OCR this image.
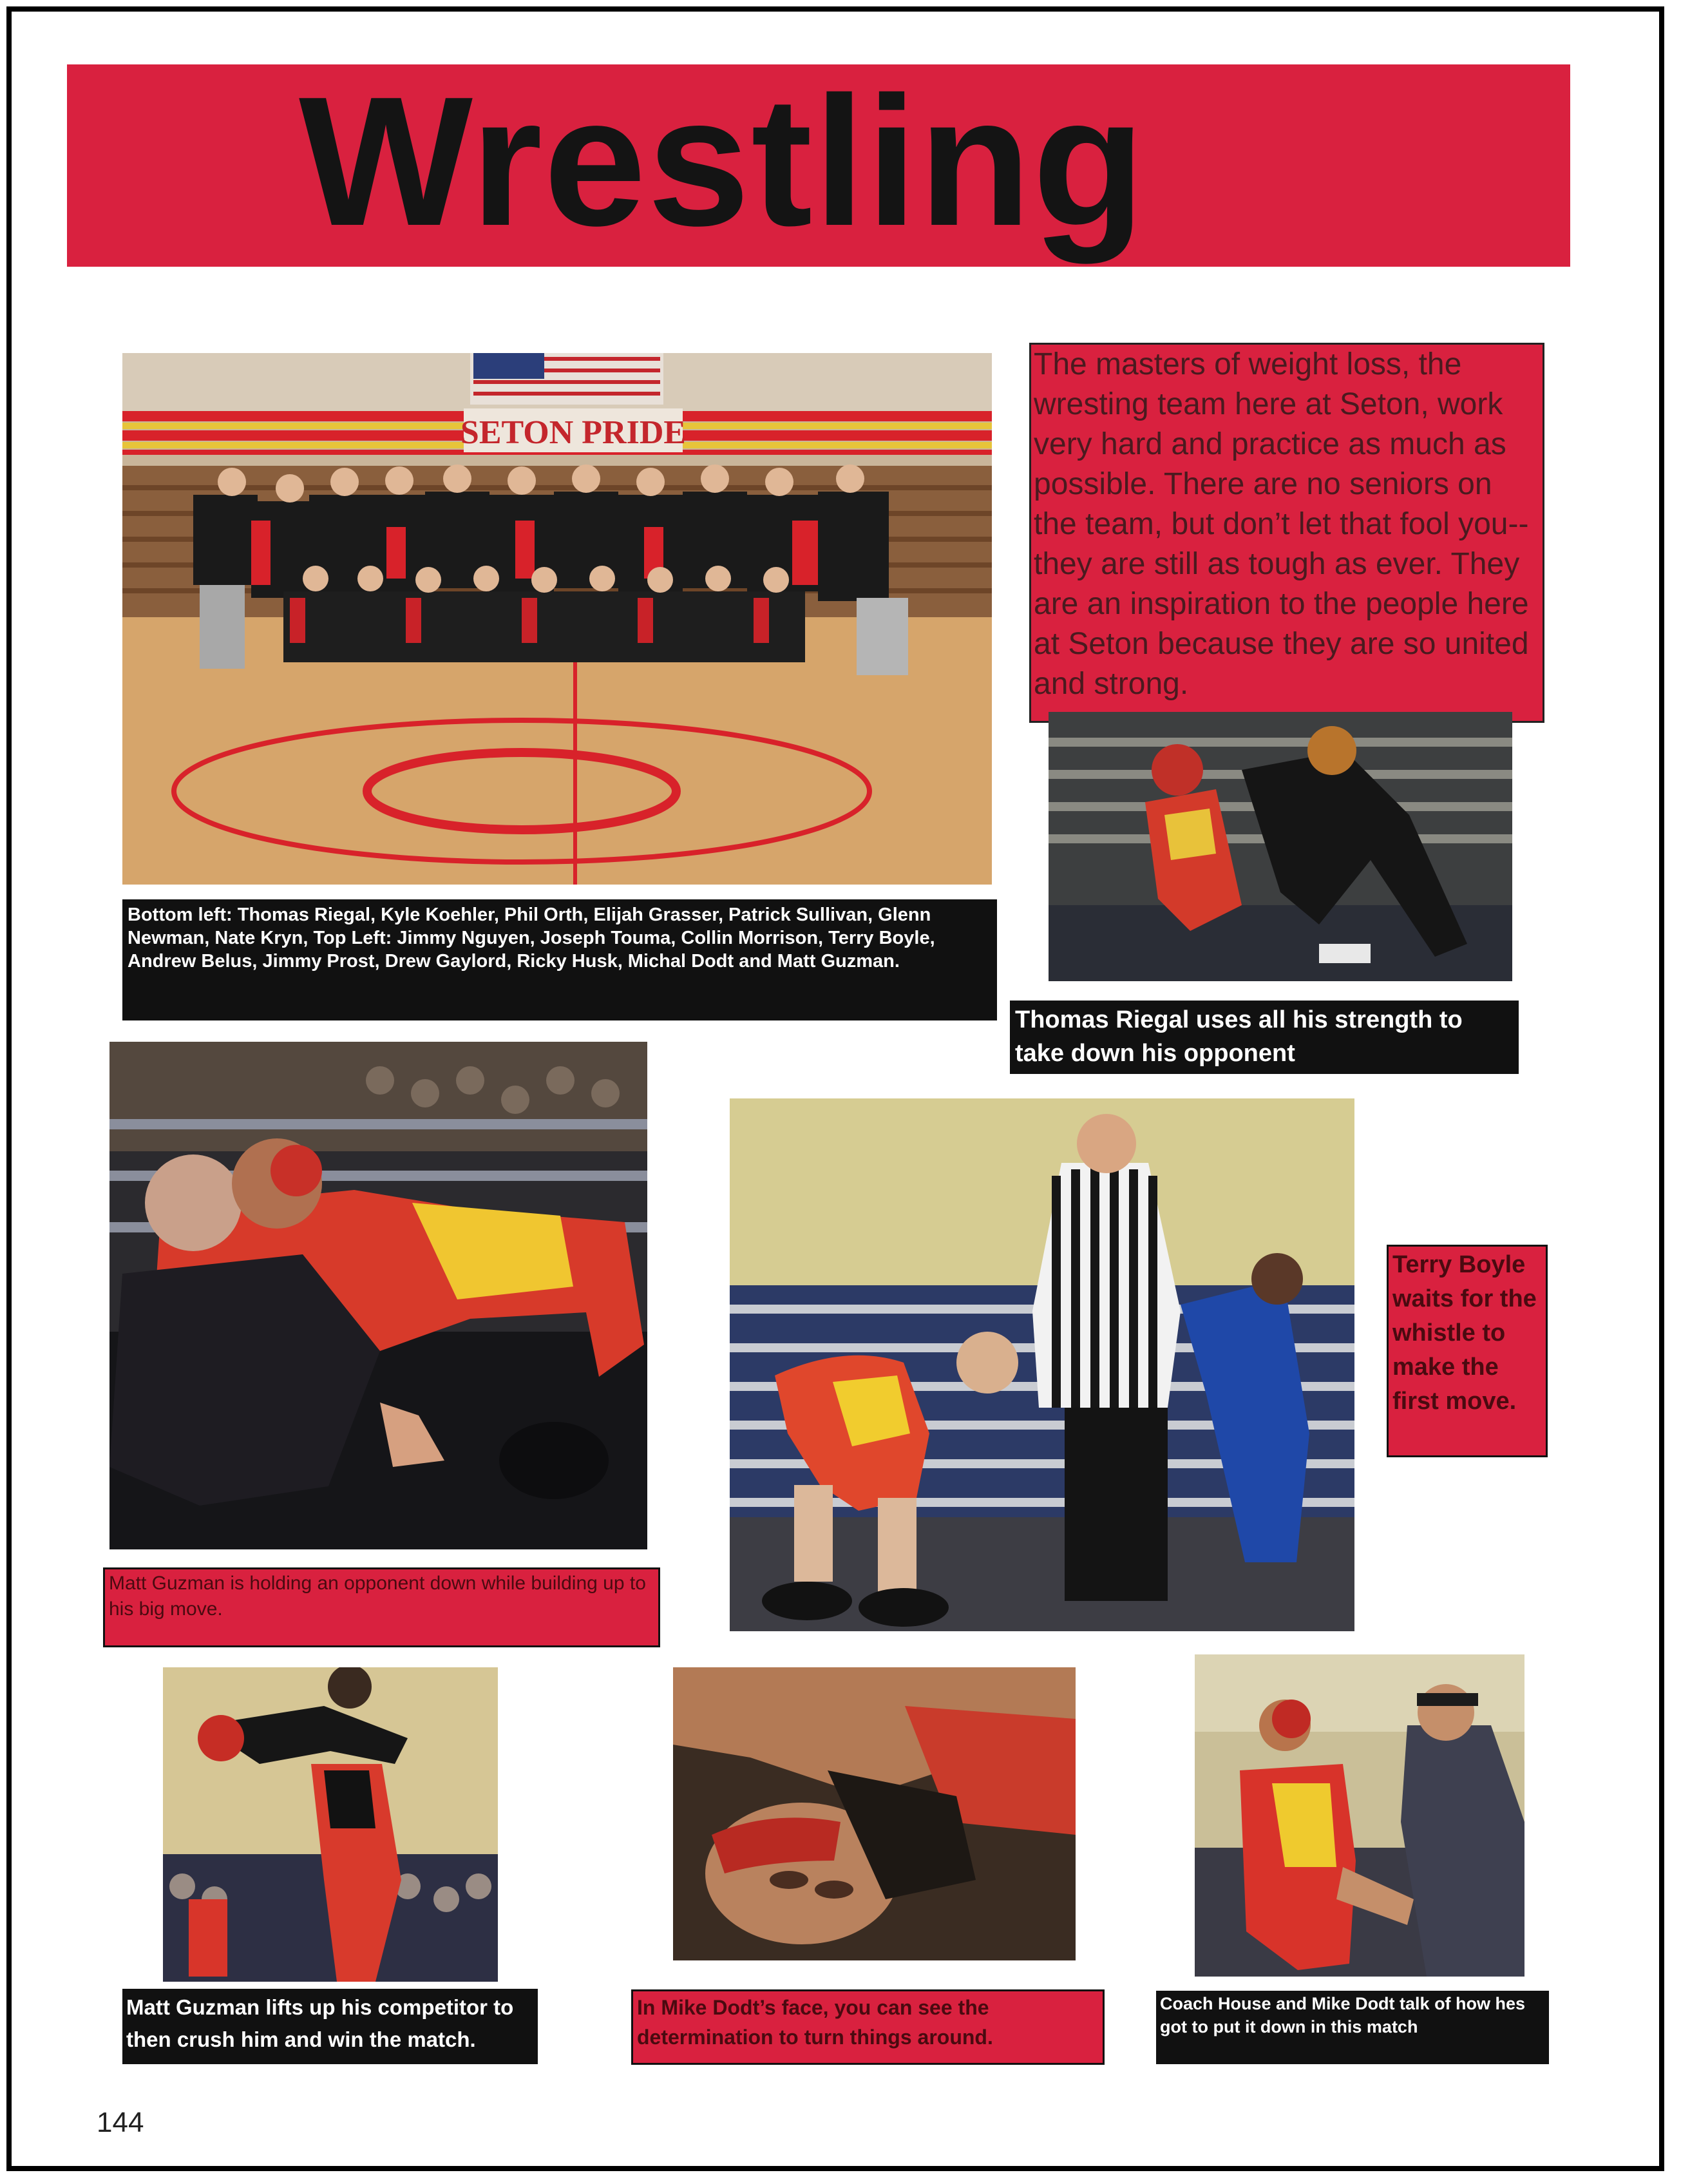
Wrestling
SETON PRIDE
Bottom left: Thomas Riegal, Kyle Koehler, Phil Orth, Elijah Grasser, Patrick Sullivan, Glenn Newman, Nate Kryn, Top Left: Jimmy Nguyen, Joseph Touma, Collin Morrison, Terry Boyle, Andrew Belus, Jimmy Prost, Drew Gaylord, Ricky Husk, Michal Dodt and Matt Guzman.
The masters of weight loss, the wresting team here at Seton, work very hard and practice as much as possible. There are no seniors on the team, but don’t let that fool you--they are still as tough as ever. They are an inspiration to the people here at Seton because they are so united and strong.
Thomas Riegal uses all his strength to take down his opponent
Matt Guzman is holding an opponent down while building up to his big move.
Terry Boyle waits for the whistle to make the first move.
Matt Guzman lifts up his competitor to then crush him and win the match.
In Mike Dodt’s face, you can see the determination to turn things around.
Coach House and Mike Dodt talk of how hes got to put it down in this match
144
